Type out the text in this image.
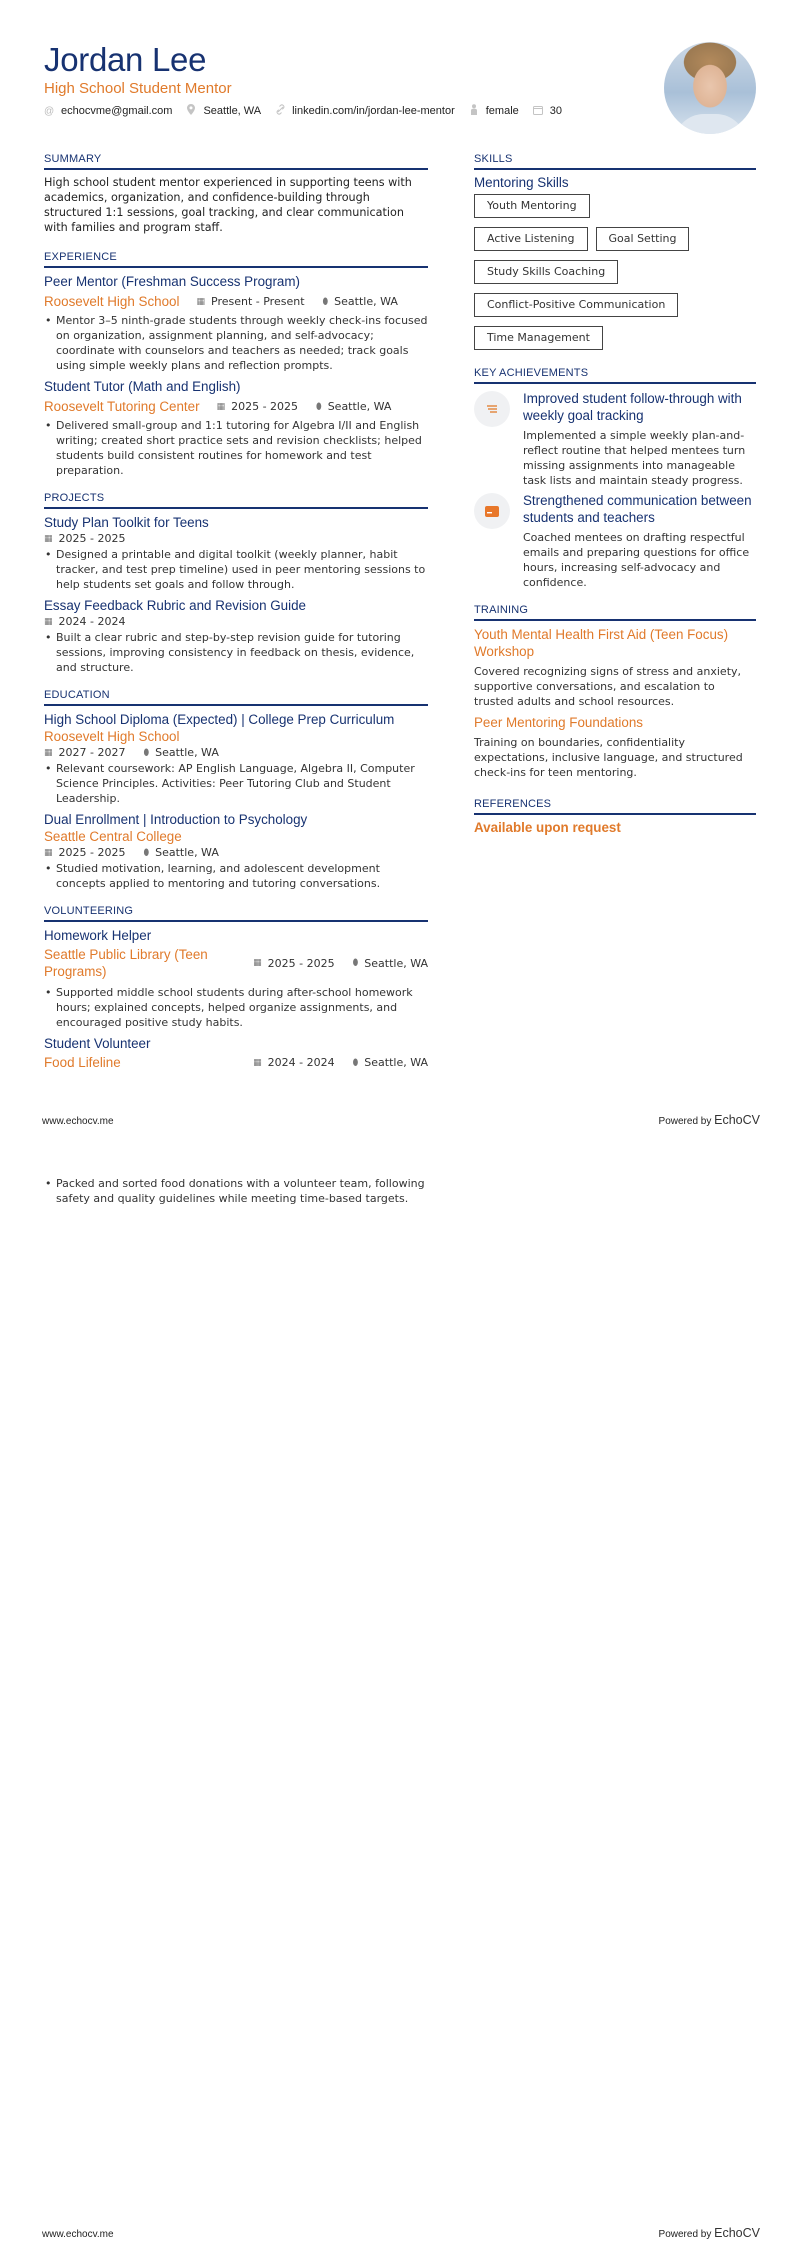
Jordan Lee
High School Student Mentor
@ echocvme@gmail.com	Seattle, WA	linkedin.com/in/jordan-lee-mentor	female	30
SUMMARY
High school student mentor experienced in supporting teens with academics, organization, and confidence-building through structured 1:1 sessions, goal tracking, and clear communication with families and program staff.
EXPERIENCE
Peer Mentor (Freshman Success Program)
Roosevelt High School ▦ Present - Present ⬮ Seattle, WA
• Mentor 3–5 ninth-grade students through weekly check-ins focused on organization, assignment planning, and self-advocacy; coordinate with counselors and teachers as needed; track goals using simple weekly plans and reflection prompts.
Student Tutor (Math and English)
Roosevelt Tutoring Center ▦ 2025 - 2025 ⬮ Seattle, WA
• Delivered small-group and 1:1 tutoring for Algebra I/II and English writing; created short practice sets and revision checklists; helped students build consistent routines for homework and test preparation.
PROJECTS
Study Plan Toolkit for Teens
▦ 2025 - 2025
• Designed a printable and digital toolkit (weekly planner, habit tracker, and test prep timeline) used in peer mentoring sessions to help students set goals and follow through.
Essay Feedback Rubric and Revision Guide
▦ 2024 - 2024
• Built a clear rubric and step-by-step revision guide for tutoring sessions, improving consistency in feedback on thesis, evidence, and structure.
EDUCATION
High School Diploma (Expected) | College Prep Curriculum
Roosevelt High School
▦ 2027 - 2027 ⬮ Seattle, WA
• Relevant coursework: AP English Language, Algebra II, Computer Science Principles. Activities: Peer Tutoring Club and Student Leadership.
Dual Enrollment | Introduction to Psychology
Seattle Central College
▦ 2025 - 2025 ⬮ Seattle, WA
• Studied motivation, learning, and adolescent development concepts applied to mentoring and tutoring conversations.
VOLUNTEERING
Homework Helper
Seattle Public Library (Teen Programs)
▦ 2025 - 2025 ⬮ Seattle, WA
• Supported middle school students during after-school homework hours; explained concepts, helped organize assignments, and encouraged positive study habits.
Student Volunteer
Food Lifeline	▦ 2024 - 2024 ⬮ Seattle, WA
• Packed and sorted food donations with a volunteer team, following safety and quality guidelines while meeting time-based targets.
SKILLS
Mentoring Skills
Youth Mentoring
Active Listening	Goal Setting
Study Skills Coaching
Conflict-Positive Communication
Time Management
KEY ACHIEVEMENTS
Improved student follow-through with weekly goal tracking
Implemented a simple weekly plan-and-reflect routine that helped mentees turn missing assignments into manageable task lists and maintain steady progress.
Strengthened communication between students and teachers
Coached mentees on drafting respectful emails and preparing questions for office hours, increasing self-advocacy and confidence.
TRAINING
Youth Mental Health First Aid (Teen Focus) Workshop
Covered recognizing signs of stress and anxiety, supportive conversations, and escalation to trusted adults and school resources.
Peer Mentoring Foundations
Training on boundaries, confidentiality expectations, inclusive language, and structured check-ins for teen mentoring.
REFERENCES
Available upon request
www.echocv.me	Powered by EchoCV
www.echocv.me	Powered by EchoCV
